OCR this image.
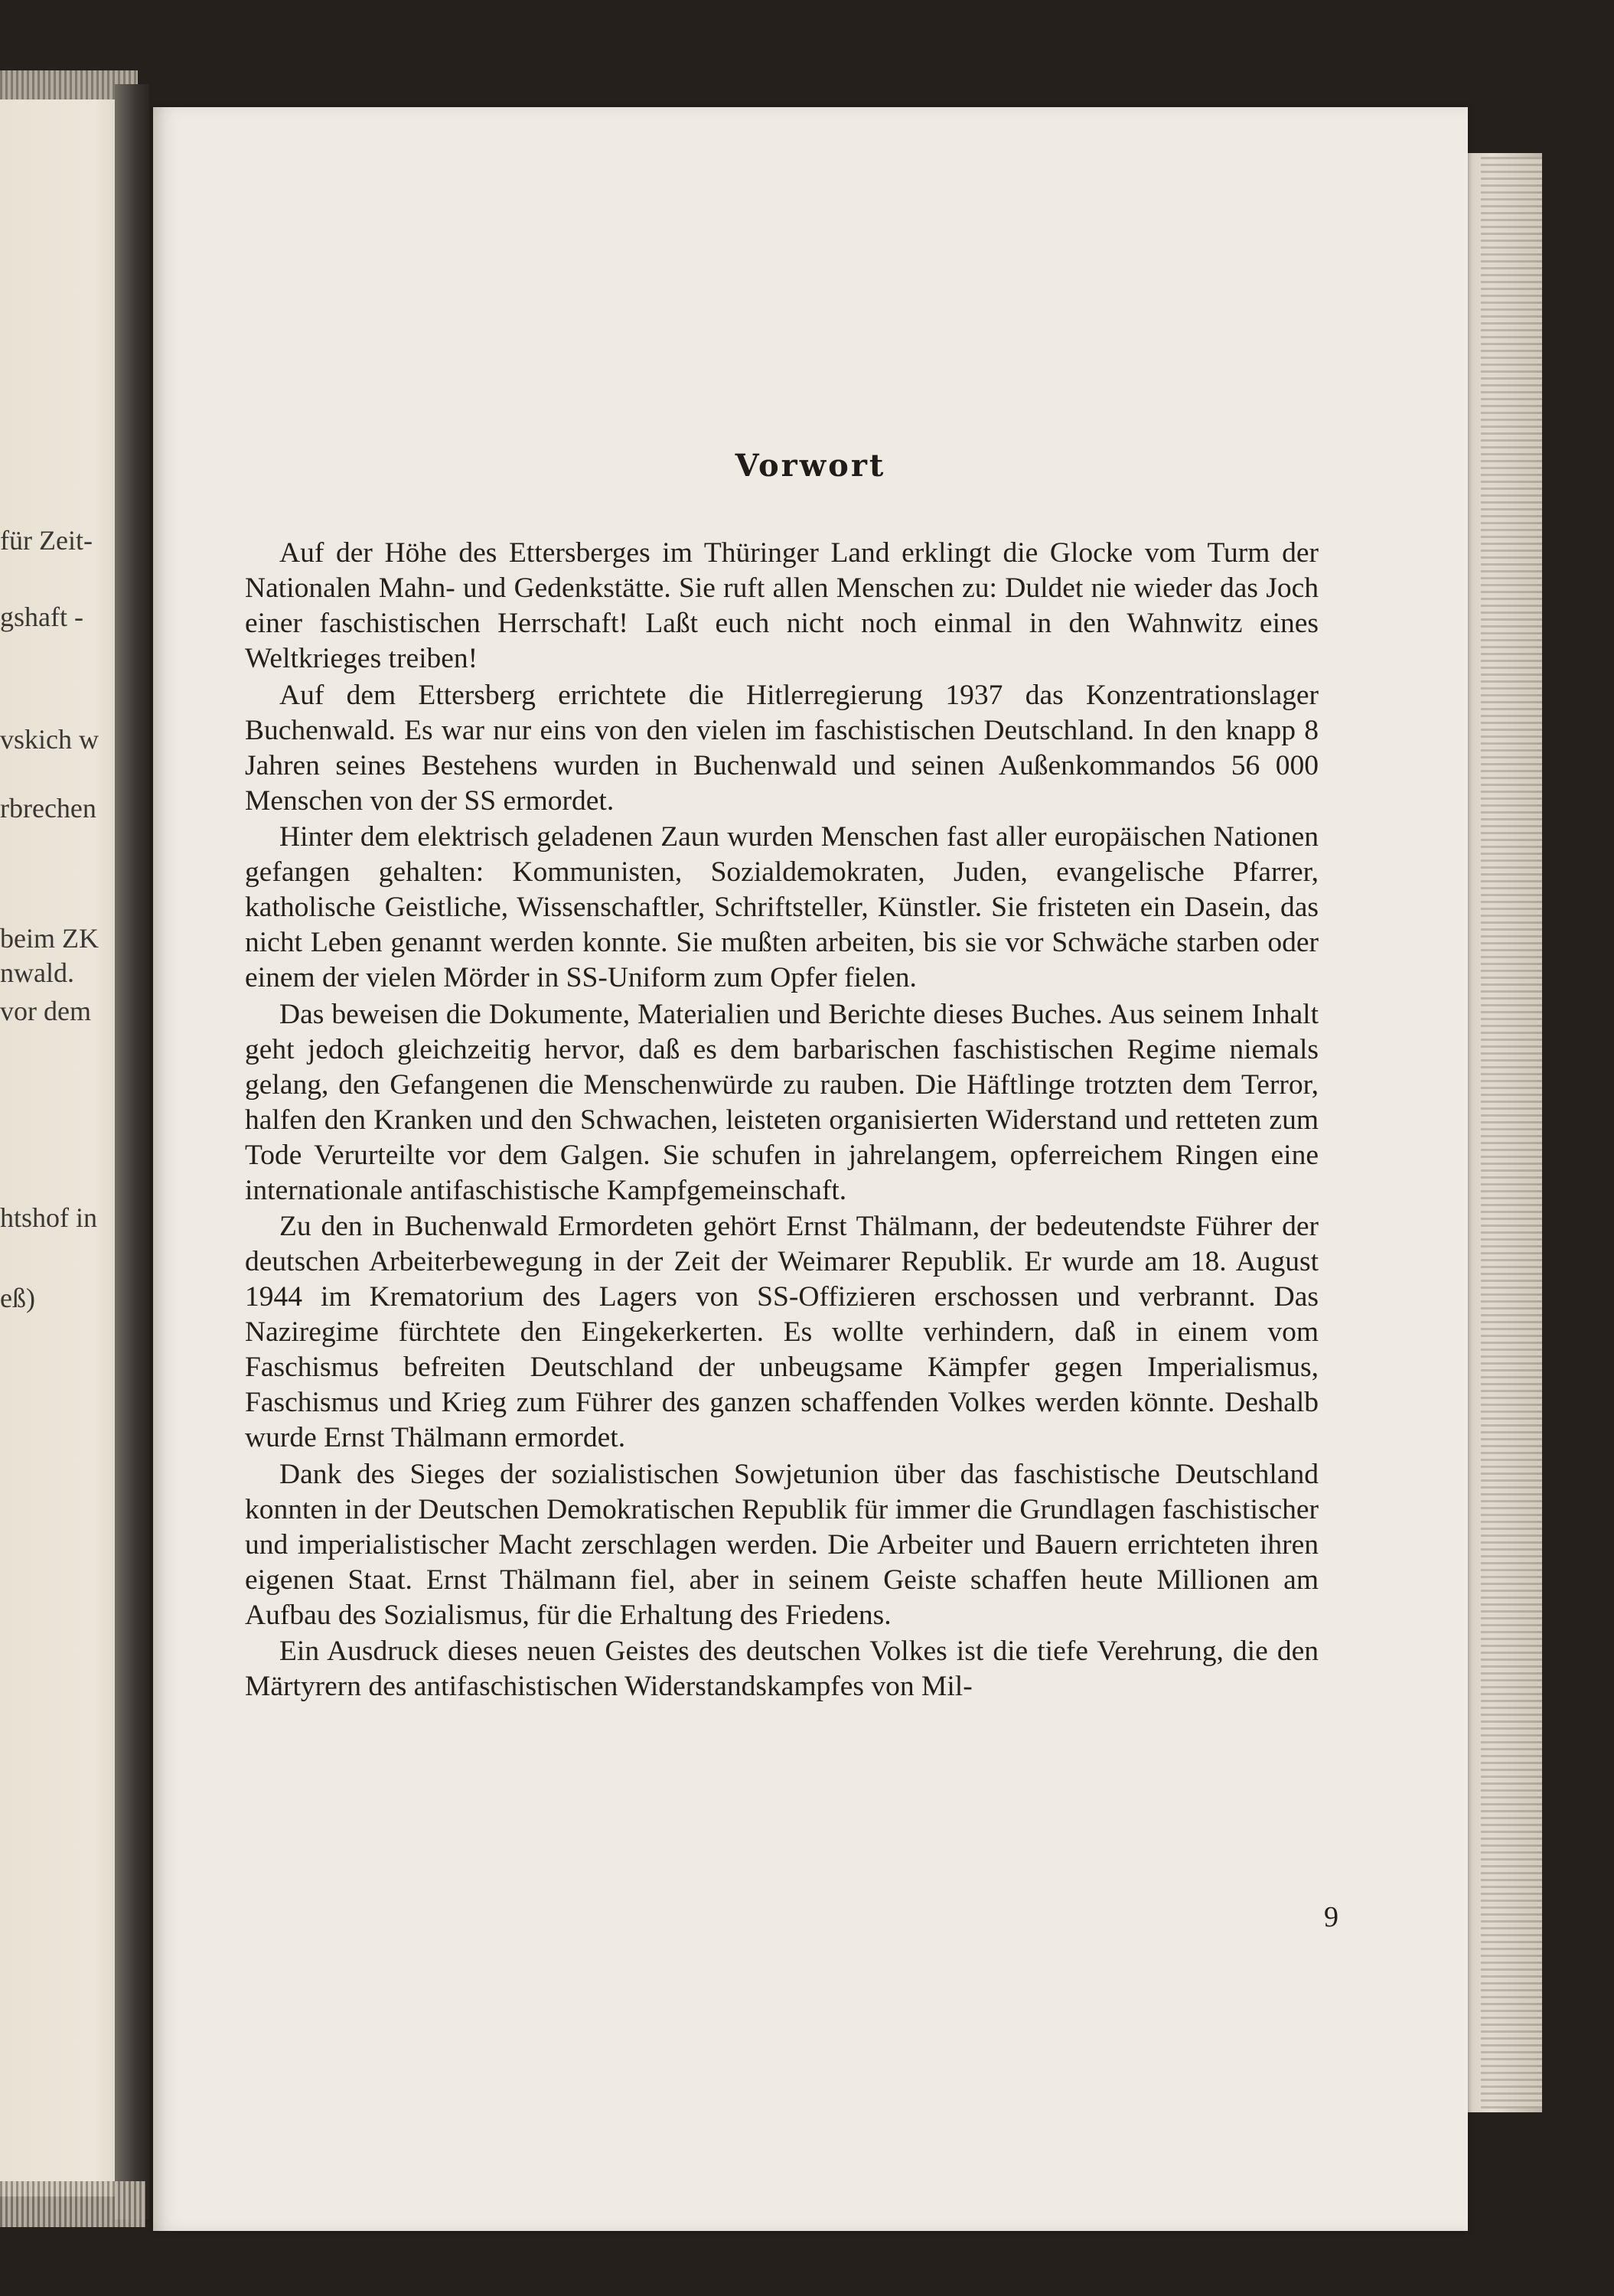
für Zeit-
gshaft -
vskich w
rbrechen
beim ZK
nwald.
vor dem
htshof in
eß)
Vorwort

Auf der Höhe des Ettersberges im Thüringer Land erklingt die Glocke vom Turm der Nationalen Mahn- und Gedenkstätte. Sie ruft allen Menschen zu: Duldet nie wieder das Joch einer faschistischen Herrschaft! Laßt euch nicht noch einmal in den Wahnwitz eines Weltkrieges treiben!

Auf dem Ettersberg errichtete die Hitlerregierung 1937 das Konzentrationslager Buchenwald. Es war nur eins von den vielen im faschistischen Deutschland. In den knapp 8 Jahren seines Bestehens wurden in Buchenwald und seinen Außenkommandos 56 000 Menschen von der SS ermordet.

Hinter dem elektrisch geladenen Zaun wurden Menschen fast aller europäischen Nationen gefangen gehalten: Kommunisten, Sozialdemokraten, Juden, evangelische Pfarrer, katholische Geistliche, Wissenschaftler, Schriftsteller, Künstler. Sie fristeten ein Dasein, das nicht Leben genannt werden konnte. Sie mußten arbeiten, bis sie vor Schwäche starben oder einem der vielen Mörder in SS-Uniform zum Opfer fielen.

Das beweisen die Dokumente, Materialien und Berichte dieses Buches. Aus seinem Inhalt geht jedoch gleichzeitig hervor, daß es dem barbarischen faschistischen Regime niemals gelang, den Gefangenen die Menschenwürde zu rauben. Die Häftlinge trotzten dem Terror, halfen den Kranken und den Schwachen, leisteten organisierten Widerstand und retteten zum Tode Verurteilte vor dem Galgen. Sie schufen in jahrelangem, opferreichem Ringen eine internationale antifaschistische Kampfgemeinschaft.

Zu den in Buchenwald Ermordeten gehört Ernst Thälmann, der bedeutendste Führer der deutschen Arbeiterbewegung in der Zeit der Weimarer Republik. Er wurde am 18. August 1944 im Krematorium des Lagers von SS-Offizieren erschossen und verbrannt. Das Naziregime fürchtete den Eingekerkerten. Es wollte verhindern, daß in einem vom Faschismus befreiten Deutschland der unbeugsame Kämpfer gegen Imperialismus, Faschismus und Krieg zum Führer des ganzen schaffenden Volkes werden könnte. Deshalb wurde Ernst Thälmann ermordet.

Dank des Sieges der sozialistischen Sowjetunion über das faschistische Deutschland konnten in der Deutschen Demokratischen Republik für immer die Grundlagen faschistischer und imperialistischer Macht zerschlagen werden. Die Arbeiter und Bauern errichteten ihren eigenen Staat. Ernst Thälmann fiel, aber in seinem Geiste schaffen heute Millionen am Aufbau des Sozialismus, für die Erhaltung des Friedens.

Ein Ausdruck dieses neuen Geistes des deutschen Volkes ist die tiefe Verehrung, die den Märtyrern des antifaschistischen Widerstandskampfes von Mil-

9
